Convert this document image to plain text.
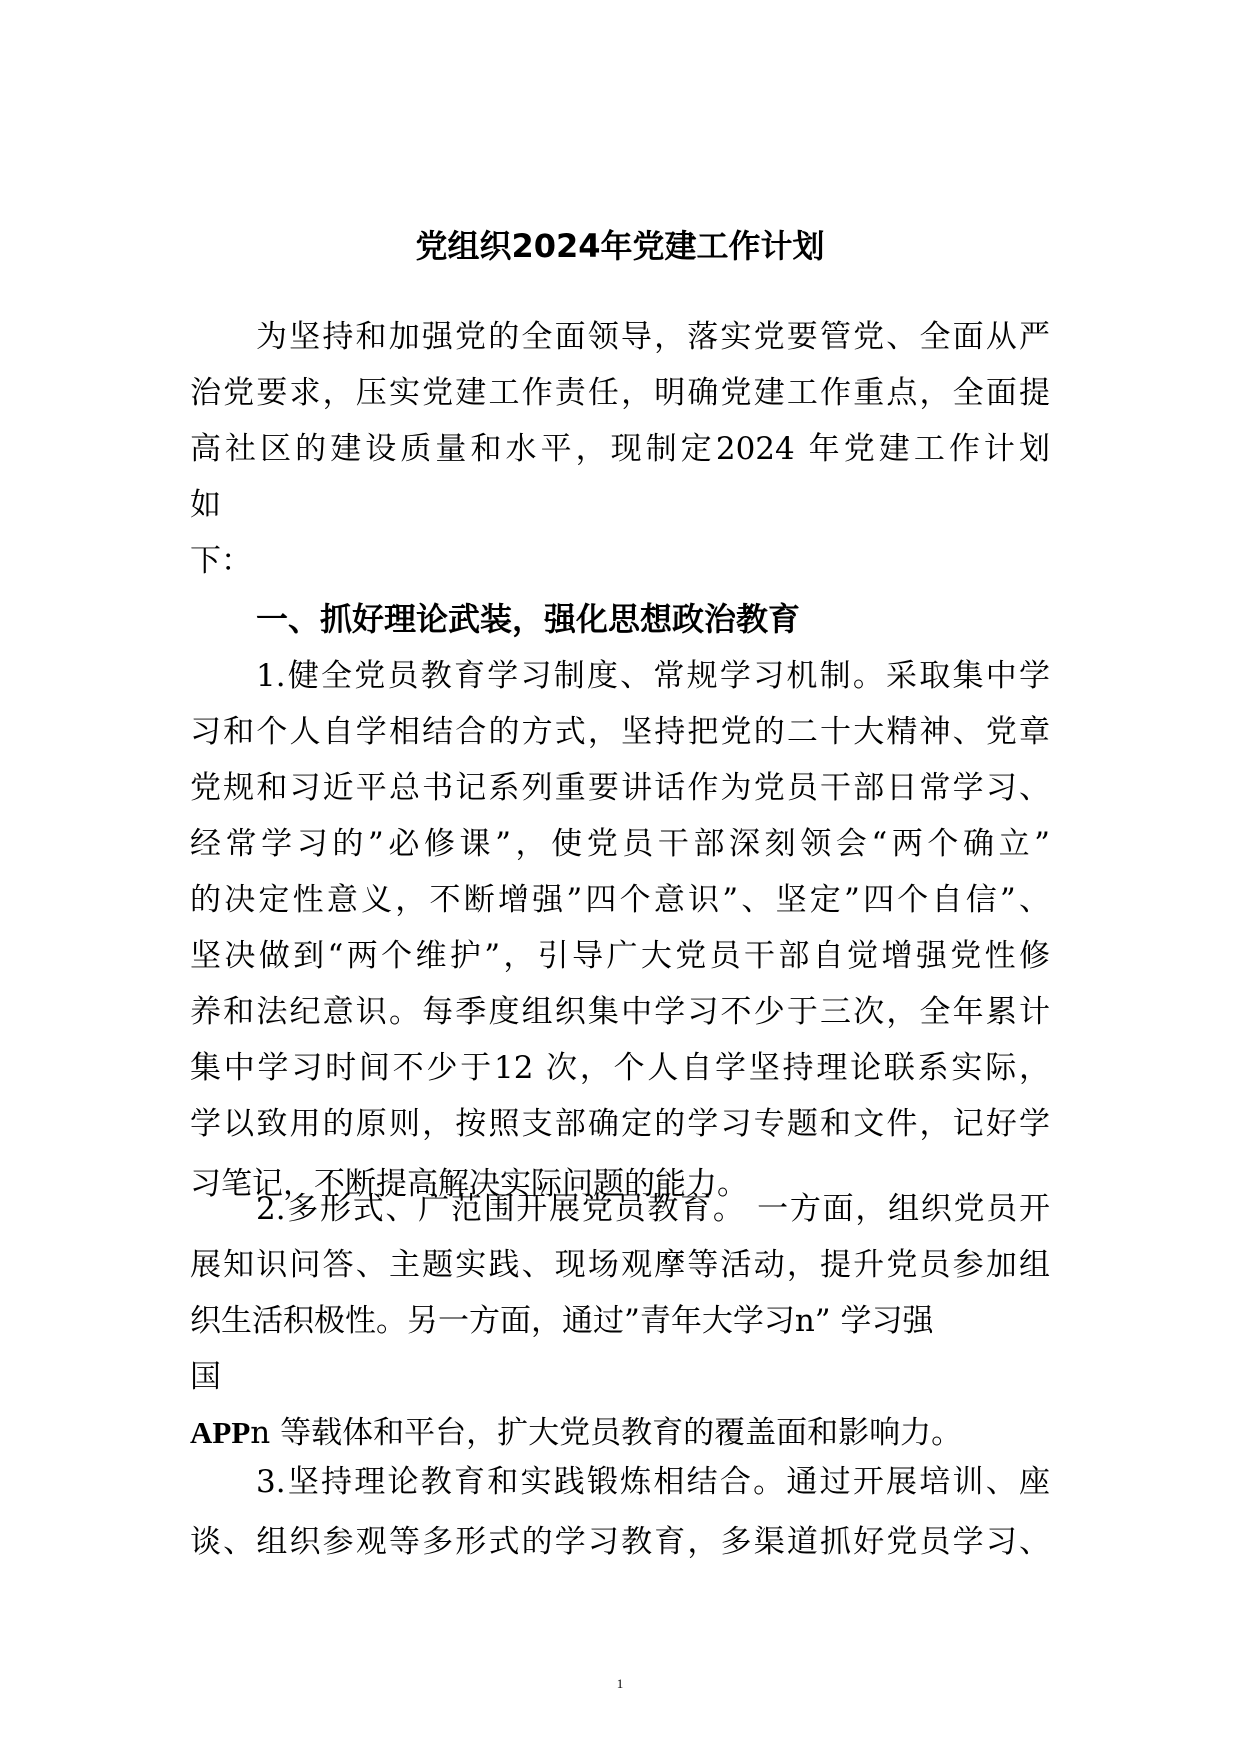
党组织2024年党建工作计划
为坚持和加强党的全面领导，落实党要管党、全面从严
治党要求，压实党建工作责任，明确党建工作重点，全面提
高社区的建设质量和水平，现制定2024 年党建工作计划
如
下：
一、抓好理论武装，强化思想政治教育
1.健全党员教育学习制度、常规学习机制。采取集中学
习和个人自学相结合的方式，坚持把党的二十大精神、党章
党规和习近平总书记系列重要讲话作为党员干部日常学习、
经常学习的”必修课”，使党员干部深刻领会“两个确立”
的决定性意义，不断增强”四个意识”、坚定”四个自信”、
坚决做到“两个维护”，引导广大党员干部自觉增强党性修
养和法纪意识。每季度组织集中学习不少于三次，全年累计
集中学习时间不少于12 次，个人自学坚持理论联系实际，
学以致用的原则，按照支部确定的学习专题和文件，记好学
习笔记，不断提高解决实际问题的能力。
2.多形式、广范围开展党员教育。 一方面，组织党员开
展知识问答、主题实践、现场观摩等活动，提升党员参加组
织生活积极性。另一方面，通过”青年大学习n” 学习强
国
APPn 等载体和平台，扩大党员教育的覆盖面和影响力。
3.坚持理论教育和实践锻炼相结合。通过开展培训、座
谈、组织参观等多形式的学习教育，多渠道抓好党员学习、
1
